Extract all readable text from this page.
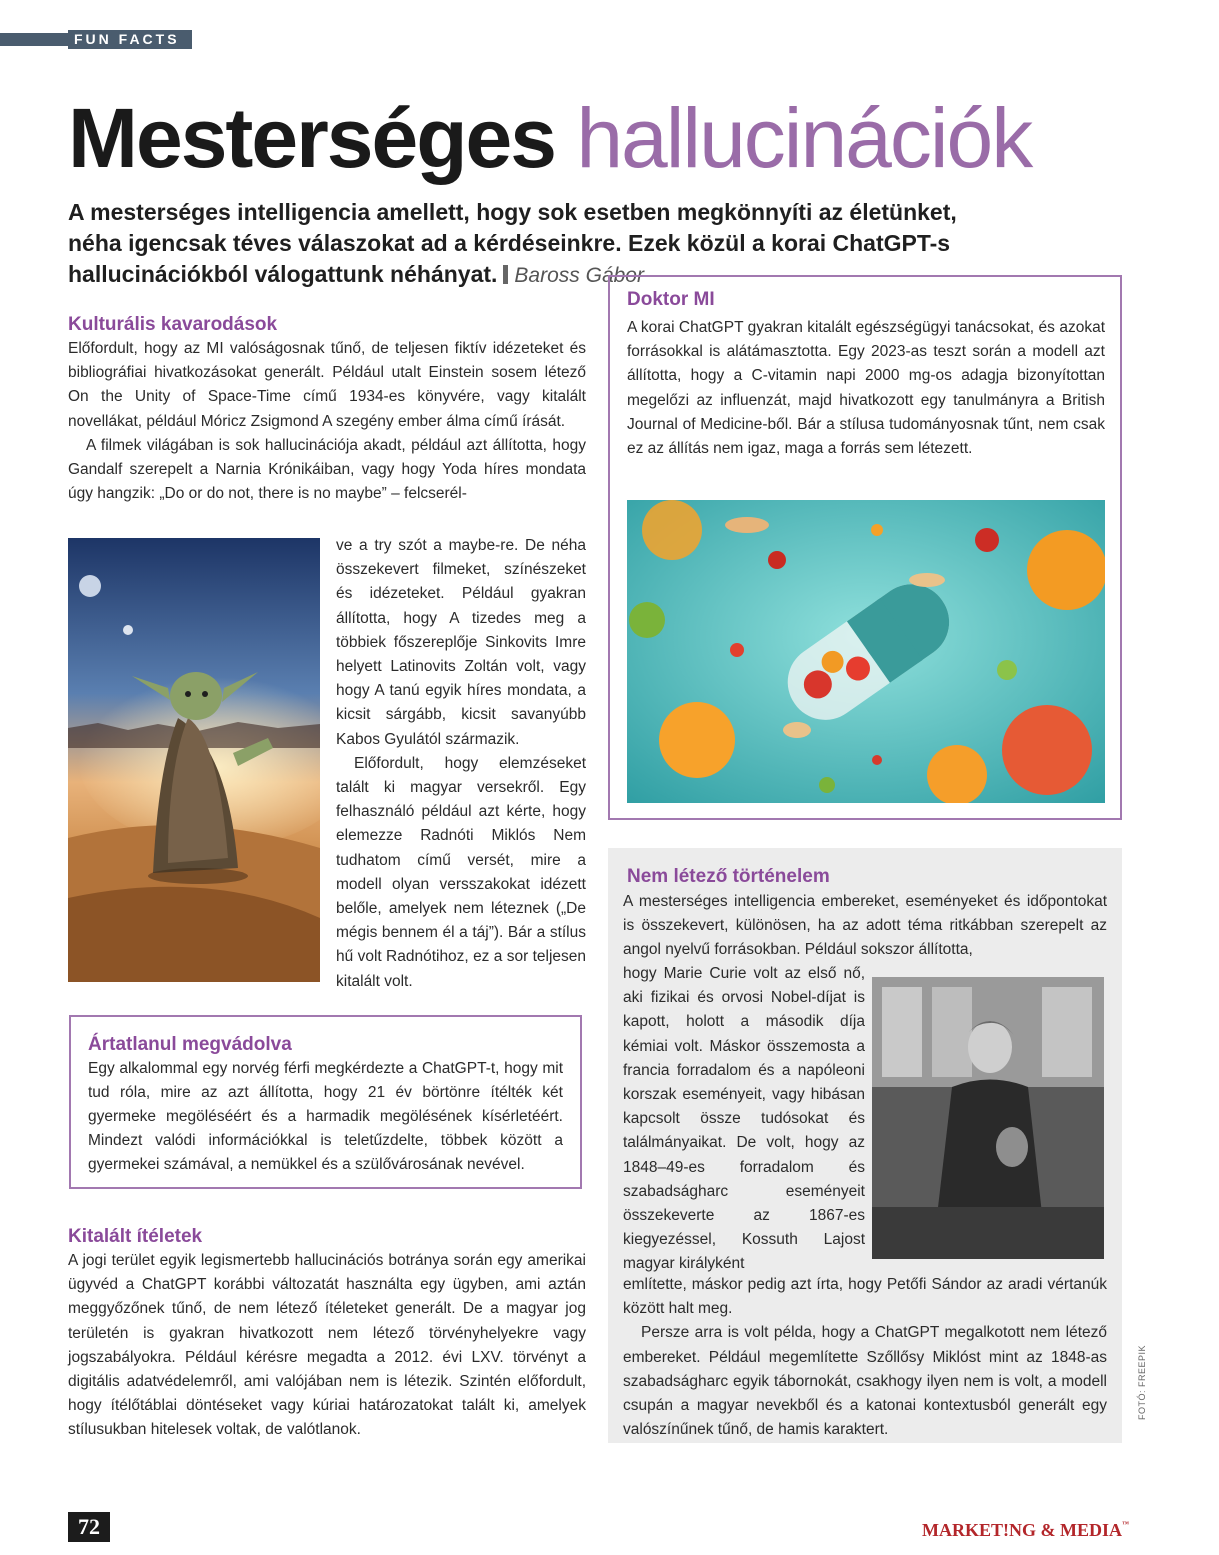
FUN FACTS
Mesterséges hallucinációk
A mesterséges intelligencia amellett, hogy sok esetben megkönnyíti az életünket, néha igencsak téves válaszokat ad a kérdéseinkre. Ezek közül a korai ChatGPT-s hallucinációkból válogattunk néhányat. Baross Gábor
Kulturális kavarodások

Előfordult, hogy az MI valóságosnak tűnő, de teljesen fiktív idézeteket és bibliográfiai hivatkozásokat generált. Például utalt Einstein sosem létező On the Unity of Space-Time című 1934-es könyvére, vagy kitalált novellákat, például Móricz Zsigmond A szegény ember álma című írását.

A filmek világában is sok hallucinációja akadt, például azt állította, hogy Gandalf szerepelt a Narnia Krónikáiban, vagy hogy Yoda híres mondata úgy hangzik: „Do or do not, there is no maybe” – felcserél-

ve a try szót a maybe-re. De néha összekevert filmeket, színészeket és idézeteket. Például gyakran állította, hogy A tizedes meg a többiek főszereplője Sinkovits Imre helyett Latinovits Zoltán volt, vagy hogy A tanú egyik híres mondata, a kicsit sárgább, kicsit savanyúbb Kabos Gyulától származik.

Előfordult, hogy elemzéseket talált ki magyar versekről. Egy felhasználó például azt kérte, hogy elemezze Radnóti Miklós Nem tudhatom című versét, mire a modell olyan versszakokat idézett belőle, amelyek nem léteznek („De mégis bennem él a táj”). Bár a stílus hű volt Radnótihoz, ez a sor teljesen kitalált volt.

Ártatlanul megvádolva
Egy alkalommal egy norvég férfi megkérdezte a ChatGPT-t, hogy mit tud róla, mire az azt állította, hogy 21 év börtönre ítélték két gyermeke megöléséért és a harmadik megölésének kísérletéért. Mindezt valódi információkkal is teletűzdelte, többek között a gyermekei számával, a nemükkel és a szülővárosának nevével.
Kitalált ítéletek
A jogi terület egyik legismertebb hallucinációs botránya során egy amerikai ügyvéd a ChatGPT korábbi változatát használta egy ügyben, ami aztán meggyőzőnek tűnő, de nem létező ítéleteket generált. De a magyar jog területén is gyakran hivatkozott nem létező törvényhelyekre vagy jogszabályokra. Például kérésre megadta a 2012. évi LXV. törvényt a digitális adatvédelemről, ami valójában nem is létezik. Szintén előfordult, hogy ítélőtáblai döntéseket vagy kúriai határozatokat talált ki, amelyek stílusukban hitelesek voltak, de valótlanok.
Doktor MI
A korai ChatGPT gyakran kitalált egészségügyi tanácsokat, és azokat forrásokkal is alátámasztotta. Egy 2023-as teszt során a modell azt állította, hogy a C-vitamin napi 2000 mg-os adagja bizonyítottan megelőzi az influenzát, majd hivatkozott egy tanulmányra a British Journal of Medicine-ből. Bár a stílusa tudományosnak tűnt, nem csak ez az állítás nem igaz, maga a forrás sem létezett.
Nem létező történelem
A mesterséges intelligencia embereket, eseményeket és időpontokat is összekevert, különösen, ha az adott téma ritkábban szerepelt az angol nyelvű forrásokban. Például sokszor állította,
hogy Marie Curie volt az első nő, aki fizikai és orvosi Nobel-díjat is kapott, holott a második díja kémiai volt. Máskor összemosta a francia forradalom és a napóleoni korszak eseményeit, vagy hibásan kapcsolt össze tudósokat és találmányaikat. De volt, hogy az 1848–49-es forradalom és szabadságharc eseményeit összekeverte az 1867-es kiegyezéssel, Kossuth Lajost magyar királyként

említette, máskor pedig azt írta, hogy Petőfi Sándor az aradi vértanúk között halt meg.

Persze arra is volt példa, hogy a ChatGPT megalkotott nem létező embereket. Például megemlítette Szőllősy Miklóst mint az 1848-as szabadságharc egyik tábornokát, csakhogy ilyen nem is volt, a modell csupán a magyar nevekből és a katonai kontextusból generált egy valószínűnek tűnő, de hamis karaktert.

FOTÓ: FREEPIK
72	MARKET!NG & MEDIA™
